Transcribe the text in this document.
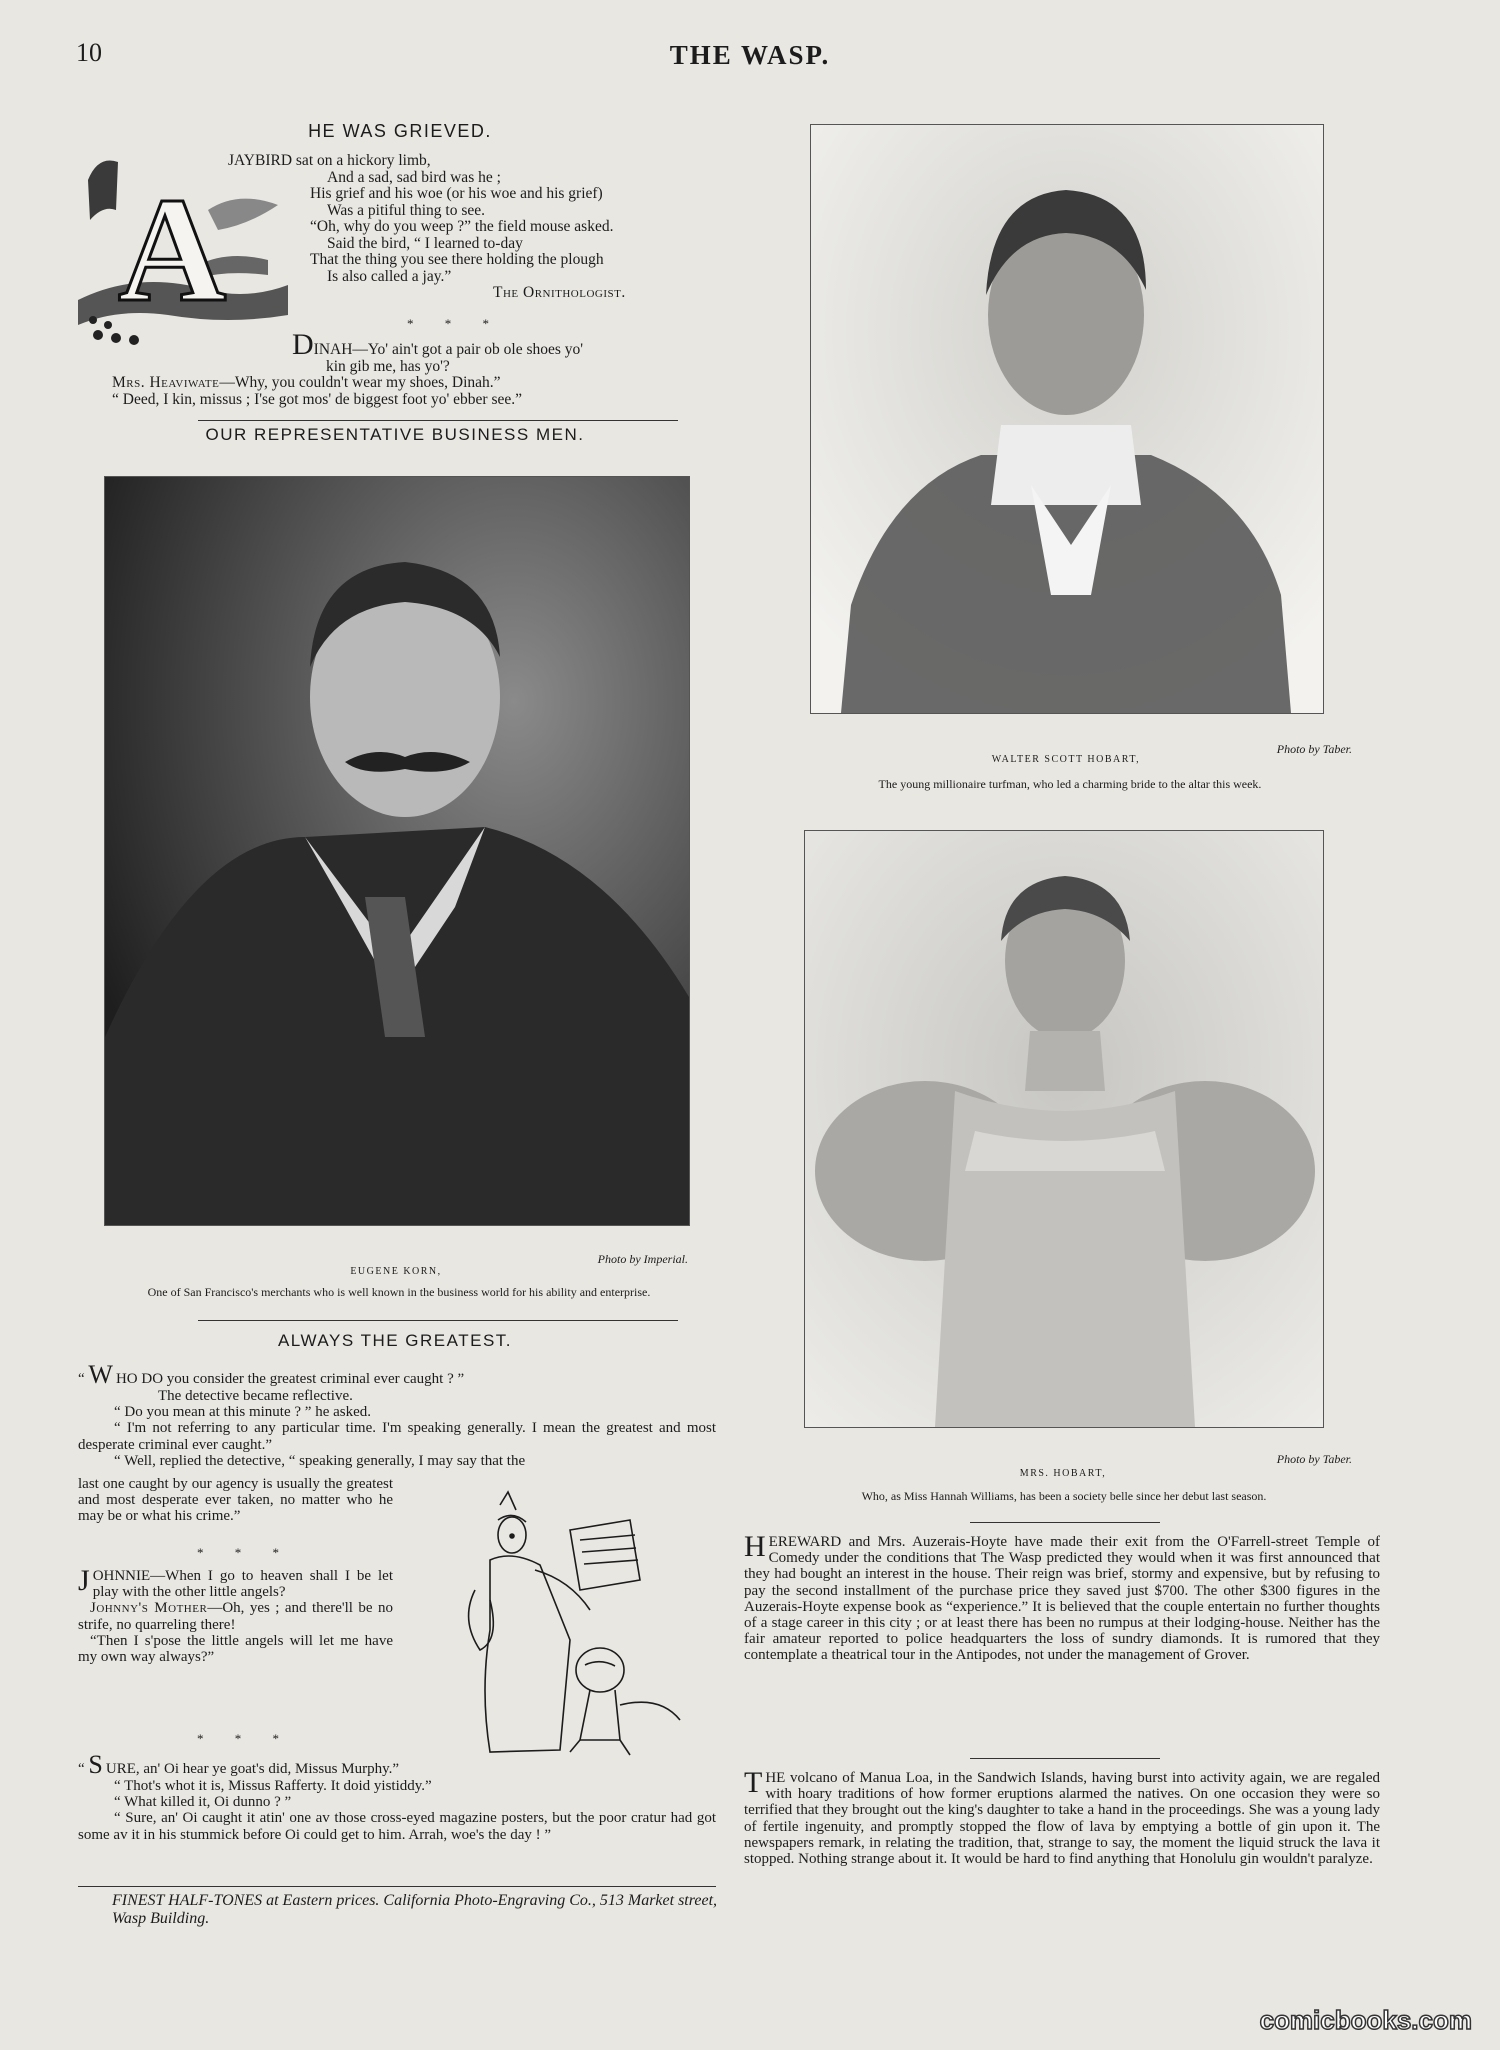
10	THE WASP.
HE WAS GRIEVED.
A
JAYBIRD sat on a hickory limb,
And a sad, sad bird was he ;
His grief and his woe (or his woe and his grief)
Was a pitiful thing to see.
“Oh, why do you weep ?” the field mouse asked.
Said the bird, “ I learned to-day
That the thing you see there holding the plough
Is also called a jay.”
The Ornithologist.
* * *
DINAH—Yo' ain't got a pair ob ole shoes yo'
kin gib me, has yo'?
Mrs. Heaviwate—Why, you couldn't wear my shoes, Dinah.”
“ Deed, I kin, missus ; I'se got mos' de biggest foot yo' ebber see.”
OUR REPRESENTATIVE BUSINESS MEN.
Photo by Imperial.
EUGENE KORN,
One of San Francisco's merchants who is well known in the business world for his ability and enterprise.
ALWAYS THE GREATEST.

“ W HO DO you consider the greatest criminal ever caught ? ”

The detective became reflective.

“ Do you mean at this minute ? ” he asked.

“ I'm not referring to any particular time. I'm speaking generally. I mean the greatest and most desperate criminal ever caught.”

“ Well, replied the detective, “ speaking generally, I may say that the

last one caught by our agency is usually the greatest and most desperate ever taken, no matter who he may be or what his crime.”

* * *

JOHNNIE—When I go to heaven shall I be let play with the other little angels?

Johnny's Mother—Oh, yes ; and there'll be no strife, no quarreling there!

“Then I s'pose the little angels will let me have my own way always?”

* * *

“ S URE, an' Oi hear ye goat's did, Missus Murphy.”

“ Thot's whot it is, Missus Rafferty. It doid yistiddy.”

“ What killed it, Oi dunno ? ”

“ Sure, an' Oi caught it atin' one av those cross-eyed magazine posters, but the poor cratur had got some av it in his stummick before Oi could get to him. Arrah, woe's the day ! ”

FINEST HALF-TONES at Eastern prices. California Photo-Engraving Co., 513 Market street, Wasp Building.
Photo by Taber.
WALTER SCOTT HOBART,
The young millionaire turfman, who led a charming bride to the altar this week.
Photo by Taber.
MRS. HOBART,
Who, as Miss Hannah Williams, has been a society belle since her debut last season.

HEREWARD and Mrs. Auzerais-Hoyte have made their exit from the O'Farrell-street Temple of Comedy under the conditions that The Wasp predicted they would when it was first announced that they had bought an interest in the house. Their reign was brief, stormy and expensive, but by refusing to pay the second installment of the purchase price they saved just $700. The other $300 figures in the Auzerais-Hoyte expense book as “experience.” It is believed that the couple entertain no further thoughts of a stage career in this city ; or at least there has been no rumpus at their lodging-house. Neither has the fair amateur reported to police headquarters the loss of sundry diamonds. It is rumored that they contemplate a theatrical tour in the Antipodes, not under the management of Grover.

THE volcano of Manua Loa, in the Sandwich Islands, having burst into activity again, we are regaled with hoary traditions of how former eruptions alarmed the natives. On one occasion they were so terrified that they brought out the king's daughter to take a hand in the proceedings. She was a young lady of fertile ingenuity, and promptly stopped the flow of lava by emptying a bottle of gin upon it. The newspapers remark, in relating the tradition, that, strange to say, the moment the liquid struck the lava it stopped. Nothing strange about it. It would be hard to find anything that Honolulu gin wouldn't paralyze.

comicbooks.com
